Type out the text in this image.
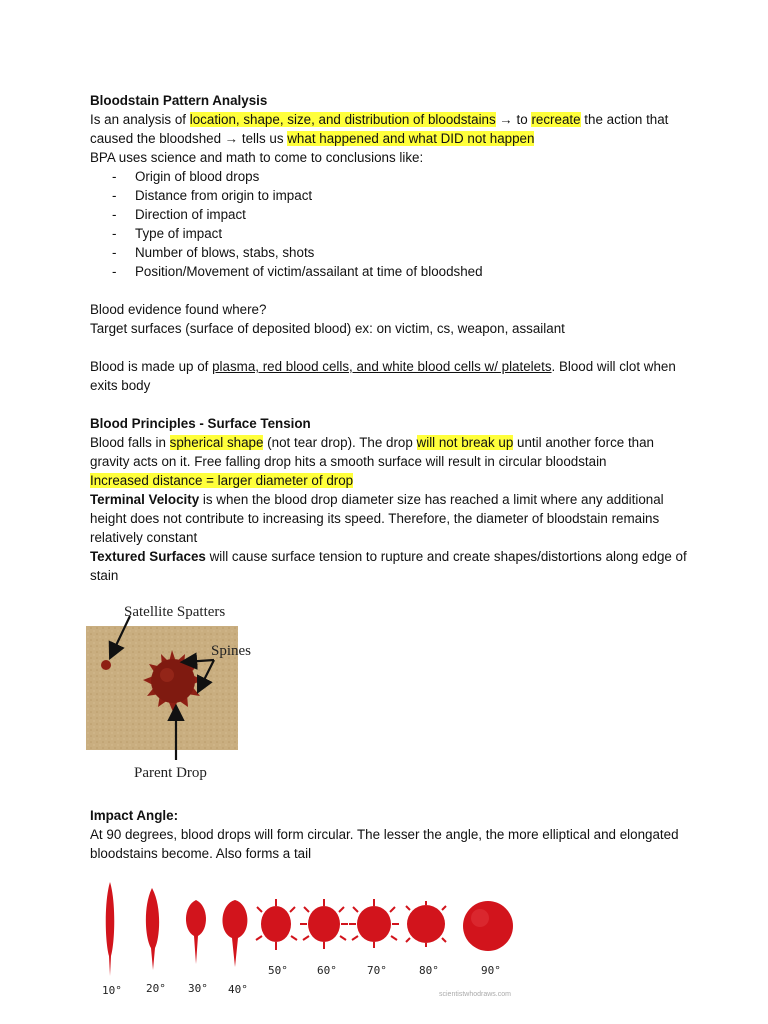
Bloodstain Pattern Analysis

Is an analysis of location, shape, size, and distribution of bloodstains → to recreate the action that caused the bloodshed → tells us what happened and what DID not happen

BPA uses science and math to come to conclusions like:

- Origin of blood drops
- Distance from origin to impact
- Direction of impact
- Type of impact
- Number of blows, stabs, shots
- Position/Movement of victim/assailant at time of bloodshed

Blood evidence found where?

Target surfaces (surface of deposited blood) ex: on victim, cs, weapon, assailant

Blood is made up of plasma, red blood cells, and white blood cells w/ platelets. Blood will clot when exits body

Blood Principles - Surface Tension

Blood falls in spherical shape (not tear drop). The drop will not break up until another force than gravity acts on it. Free falling drop hits a smooth surface will result in circular bloodstain

Increased distance = larger diameter of drop

Terminal Velocity is when the blood drop diameter size has reached a limit where any additional height does not contribute to increasing its speed. Therefore, the diameter of bloodstain remains relatively constant

Textured Surfaces will cause surface tension to rupture and create shapes/distortions along edge of stain

Satellite Spatters
Spines
Parent Drop

Impact Angle:

At 90 degrees, blood drops will form circular. The lesser the angle, the more elliptical and elongated bloodstains become. Also forms a tail

10° 20° 30° 40°
50°	60°	70°	80°	90°
scientistwhodraws.com
